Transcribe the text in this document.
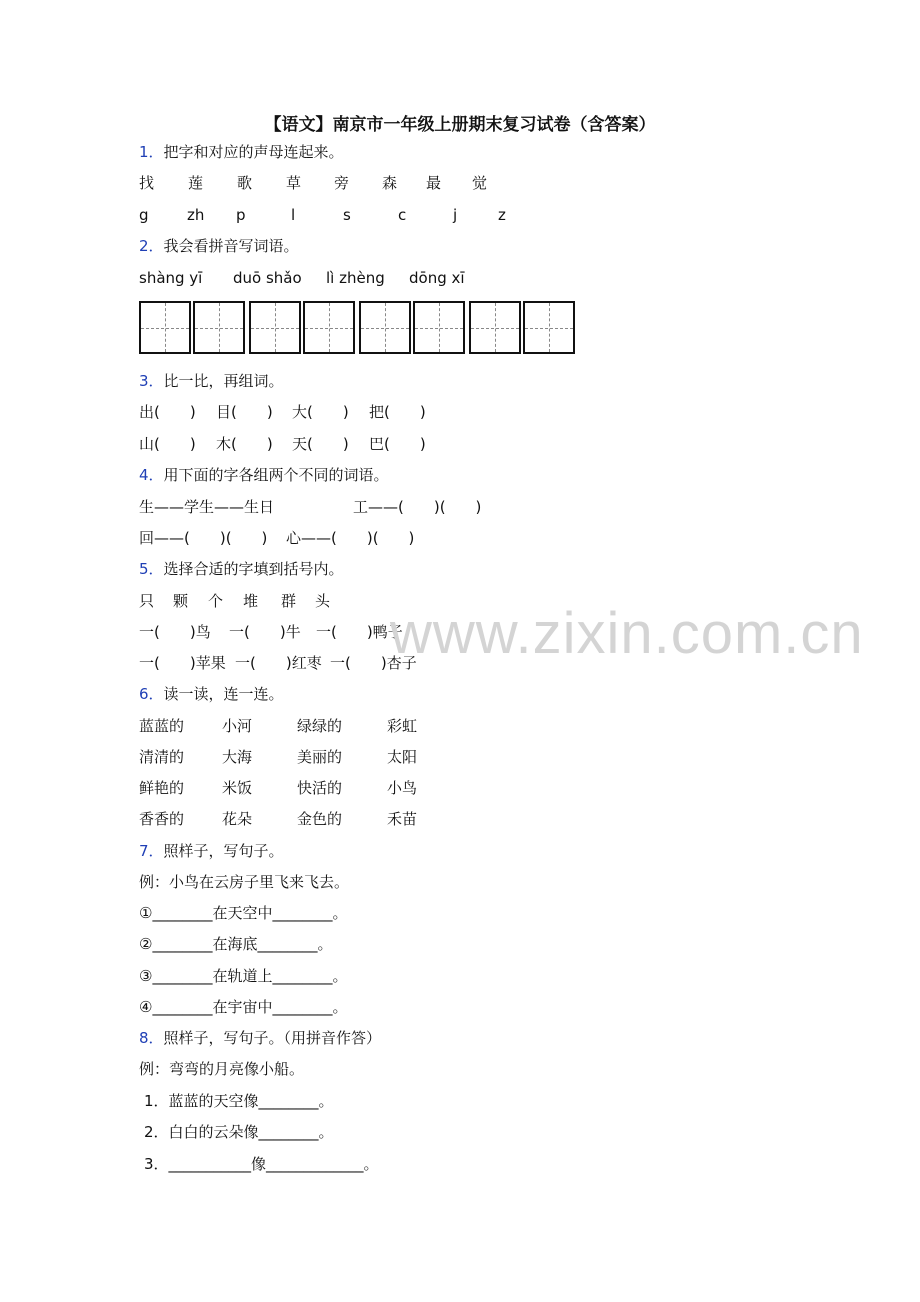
【语文】南京市一年级上册期末复习试卷（含答案）
1．把字和对应的声母连起来。
找 莲 歌 草 旁 森 最 觉
g	zh p	l	s	c	j	z
2．我会看拼音写词语。
shàng yī duō shǎo lì zhèng dōng xī
3．比一比，再组词。
出(　　) 目(　　) 大(　　) 把(　　)
山(　　) 木(　　) 天(　　) 巴(　　)
4．用下面的字各组两个不同的词语。
生——学生——生日	工——(　　)(　　)
回——(　　)(　　) 心——(　　)(　　)
5．选择合适的字填到括号内。
只 颗 个 堆 群 头
一(　　)鸟 一(　　)牛 一(　　)鸭子
一(　　)苹果 一(　　)红枣 一(　　)杏子
6．读一读，连一连。
蓝蓝的	小河	绿绿的	彩虹
清清的	大海	美丽的	太阳
鲜艳的	米饭	快活的	小鸟
香香的	花朵	金色的	禾苗
7．照样子，写句子。
例：小鸟在云房子里飞来飞去。
①________在天空中________。
②________在海底________。
③________在轨道上________。
④________在宇宙中________。
8．照样子，写句子。（用拼音作答）
例：弯弯的月亮像小船。
1．蓝蓝的天空像________。
2．白白的云朵像________。
3．___________像_____________。
www.zixin.com.cn
